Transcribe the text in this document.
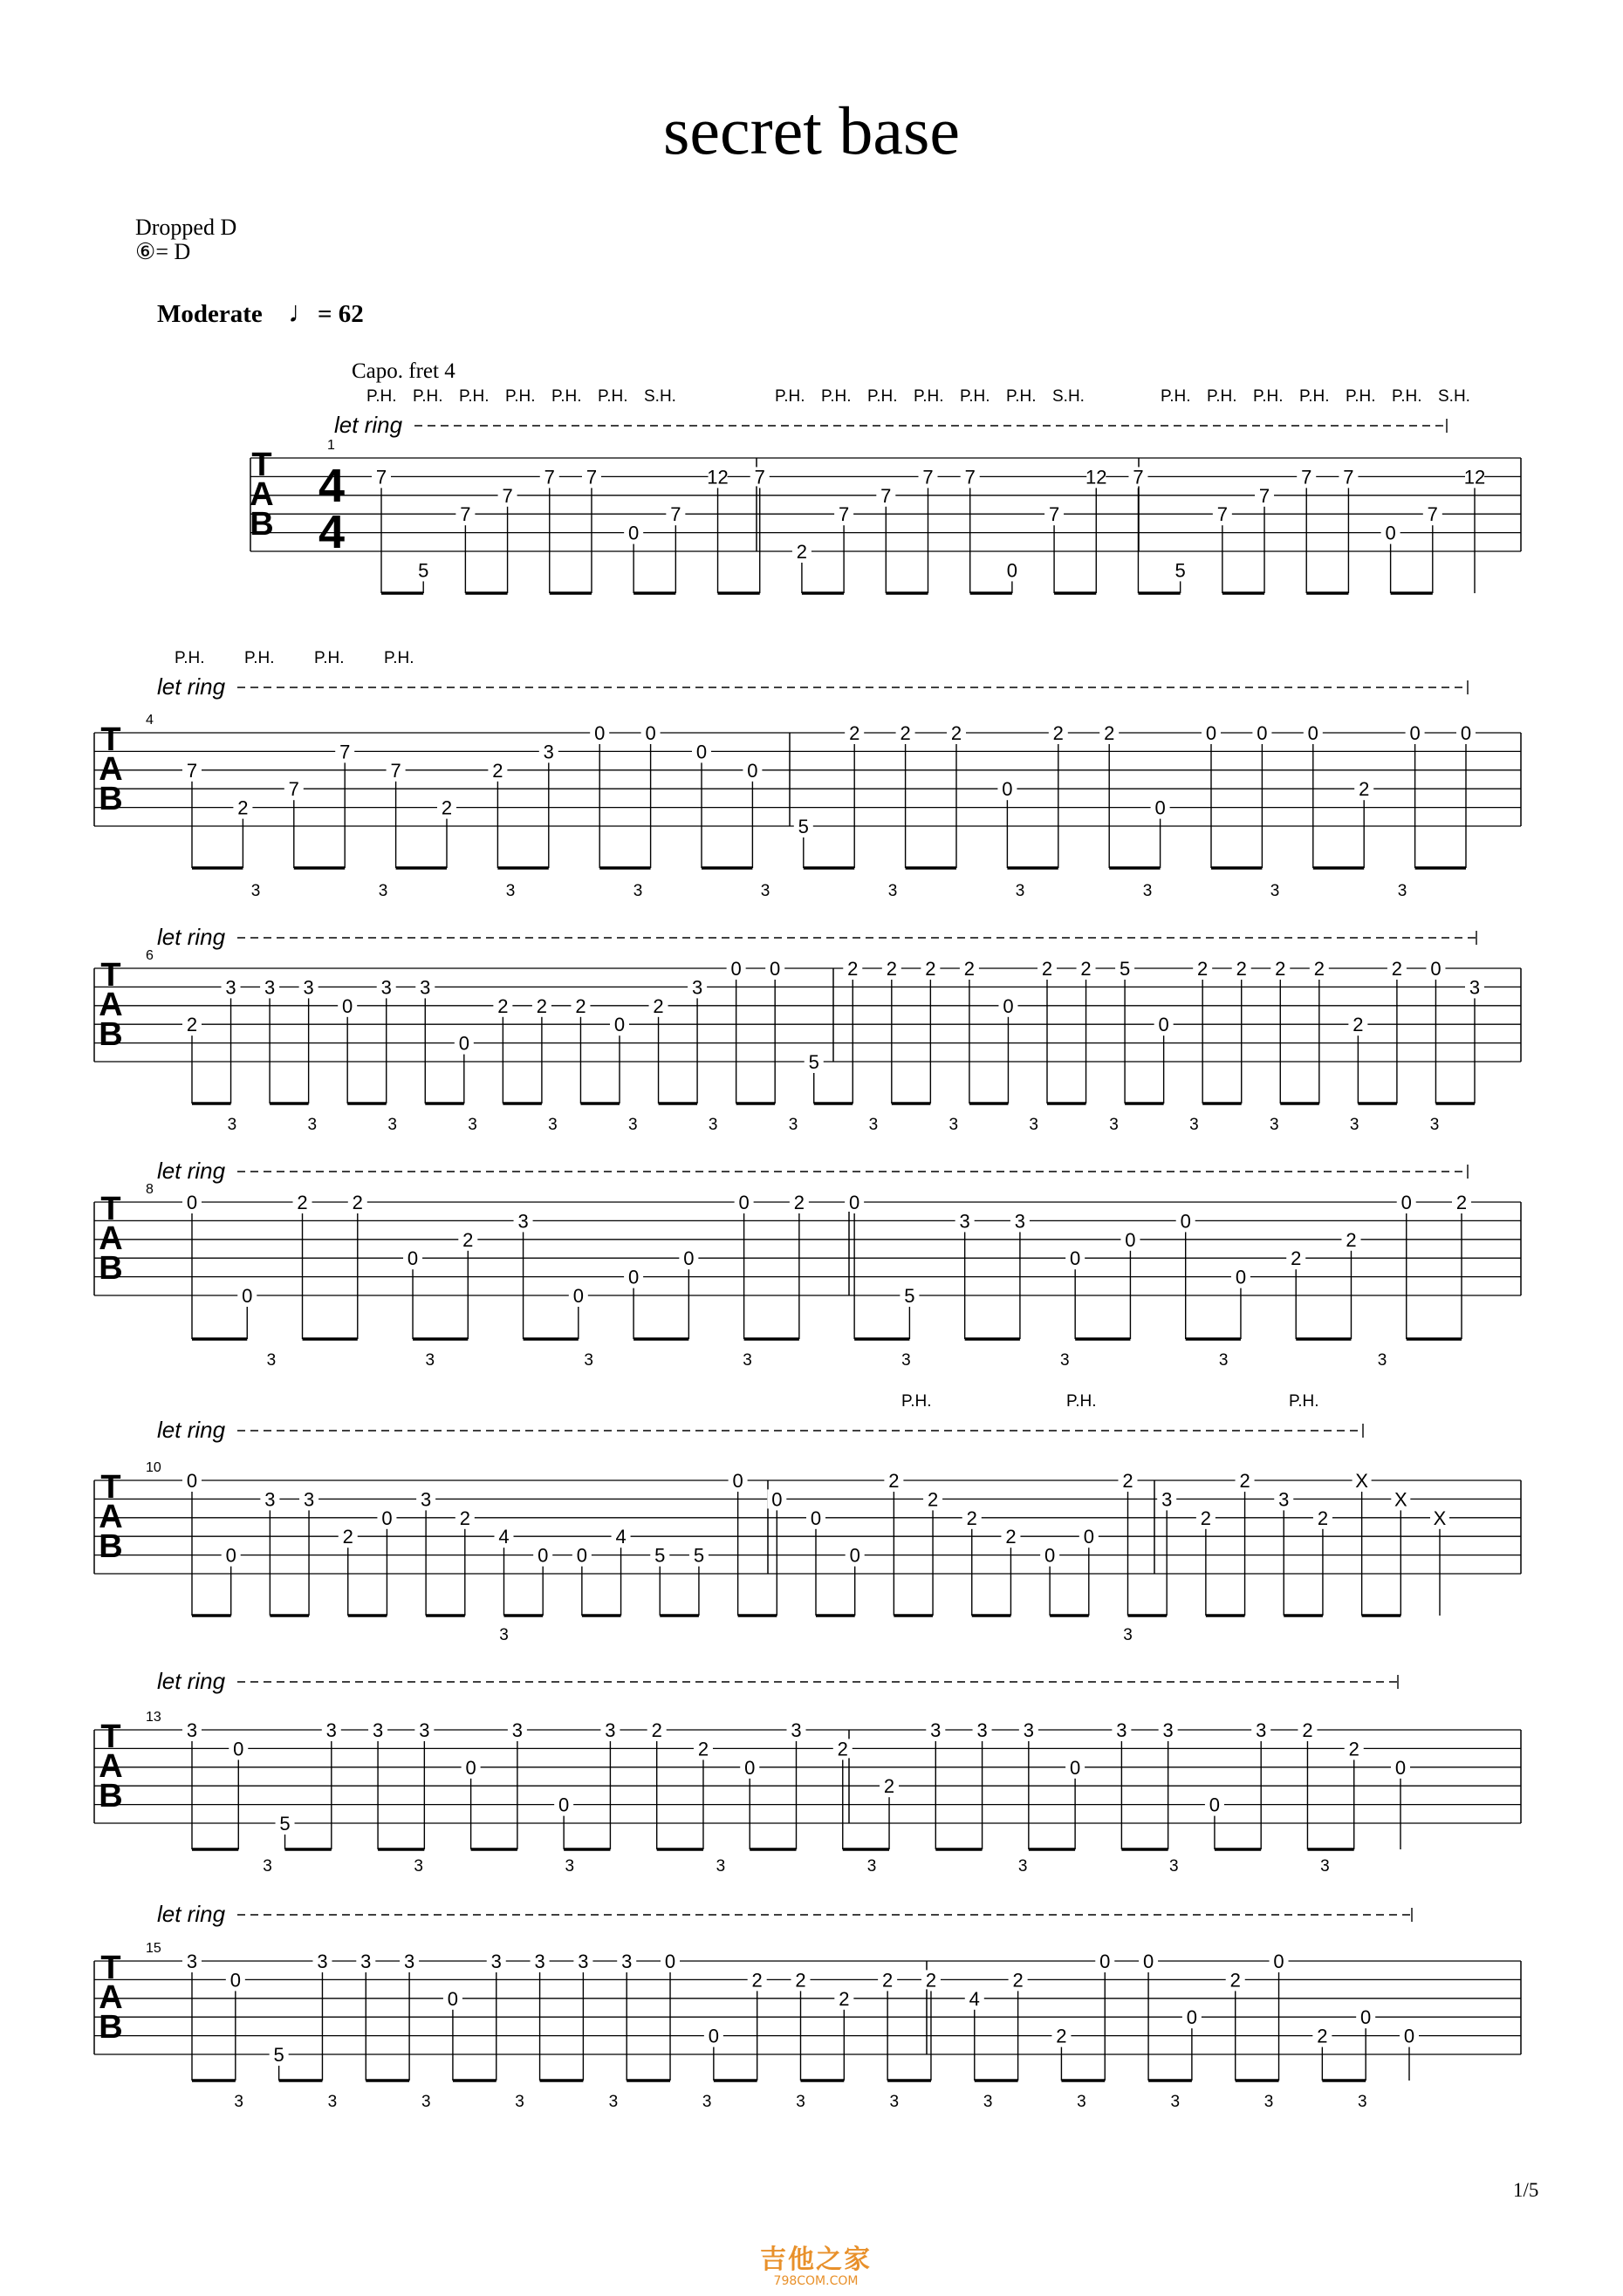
secret base
Dropped D
⑥= D
Moderate ♩= 62
Capo. fret 4
T
A
B
4
4
1
let ring
P.H. P.H. P.H. P.H. P.H. P.H. S.H.	P.H. P.H. P.H. P.H. P.H. P.H. S.H.	P.H. P.H. P.H. P.H. P.H. P.H. S.H.
7
5
7
7
7 7
0
7
12 7
2
7
7
7 7
0
7
12 7
5
7
7
7 7
0
7
12
T
A
B
4
let ring
P.H. P.H. P.H. P.H.
7
2
7
7
7
2
2
3
0 0
0
0
5
2 2 2
0
2 2
0
0 0 0
2
0 0
3	3	3	3	3	3	3	3	3	3
T
A
B
6
let ring
2
3 3 3
0
3 3
0
2 2 2
0
2
3
0 0
5
2 2 2 2
0
2 2 5
0
2 2 2 2
2
2 0
3
3	3	3	3	3	3	3	3	3	3	3	3	3	3	3	3
T
A
B
8
let ring
0
0
2 2
0
2
3
0
0
0
0 2 0
5
3 3
0
0
0
0
2
2
0 2
3	3	3	3	3	3	3	3
T
A
B
10
let ring
P.H.	P.H.	P.H.
0
0
3 3
2
0
3
2
4
0 0
4
5 5
0
0
0
0
2
2
2
2
0
0
2
3
2
2
3
2
X
X
X
3	3
T
A
B
13
let ring
3
0
5
3 3 3
0
3
0
3 2
2
0
3
2
2
3 3 3
0
3 3
0
3 2
2
0
3	3	3	3	3	3	3	3
T
A
B
15
let ring
3
0
5
3 3 3
0
3 3 3 3 0
0
2 2
2
2 2
4
2
2
0 0
0
2
0
2
0
0
3	3	3	3	3	3	3	3	3	3	3	3	3
1/5
吉他之家
798COM.COM
